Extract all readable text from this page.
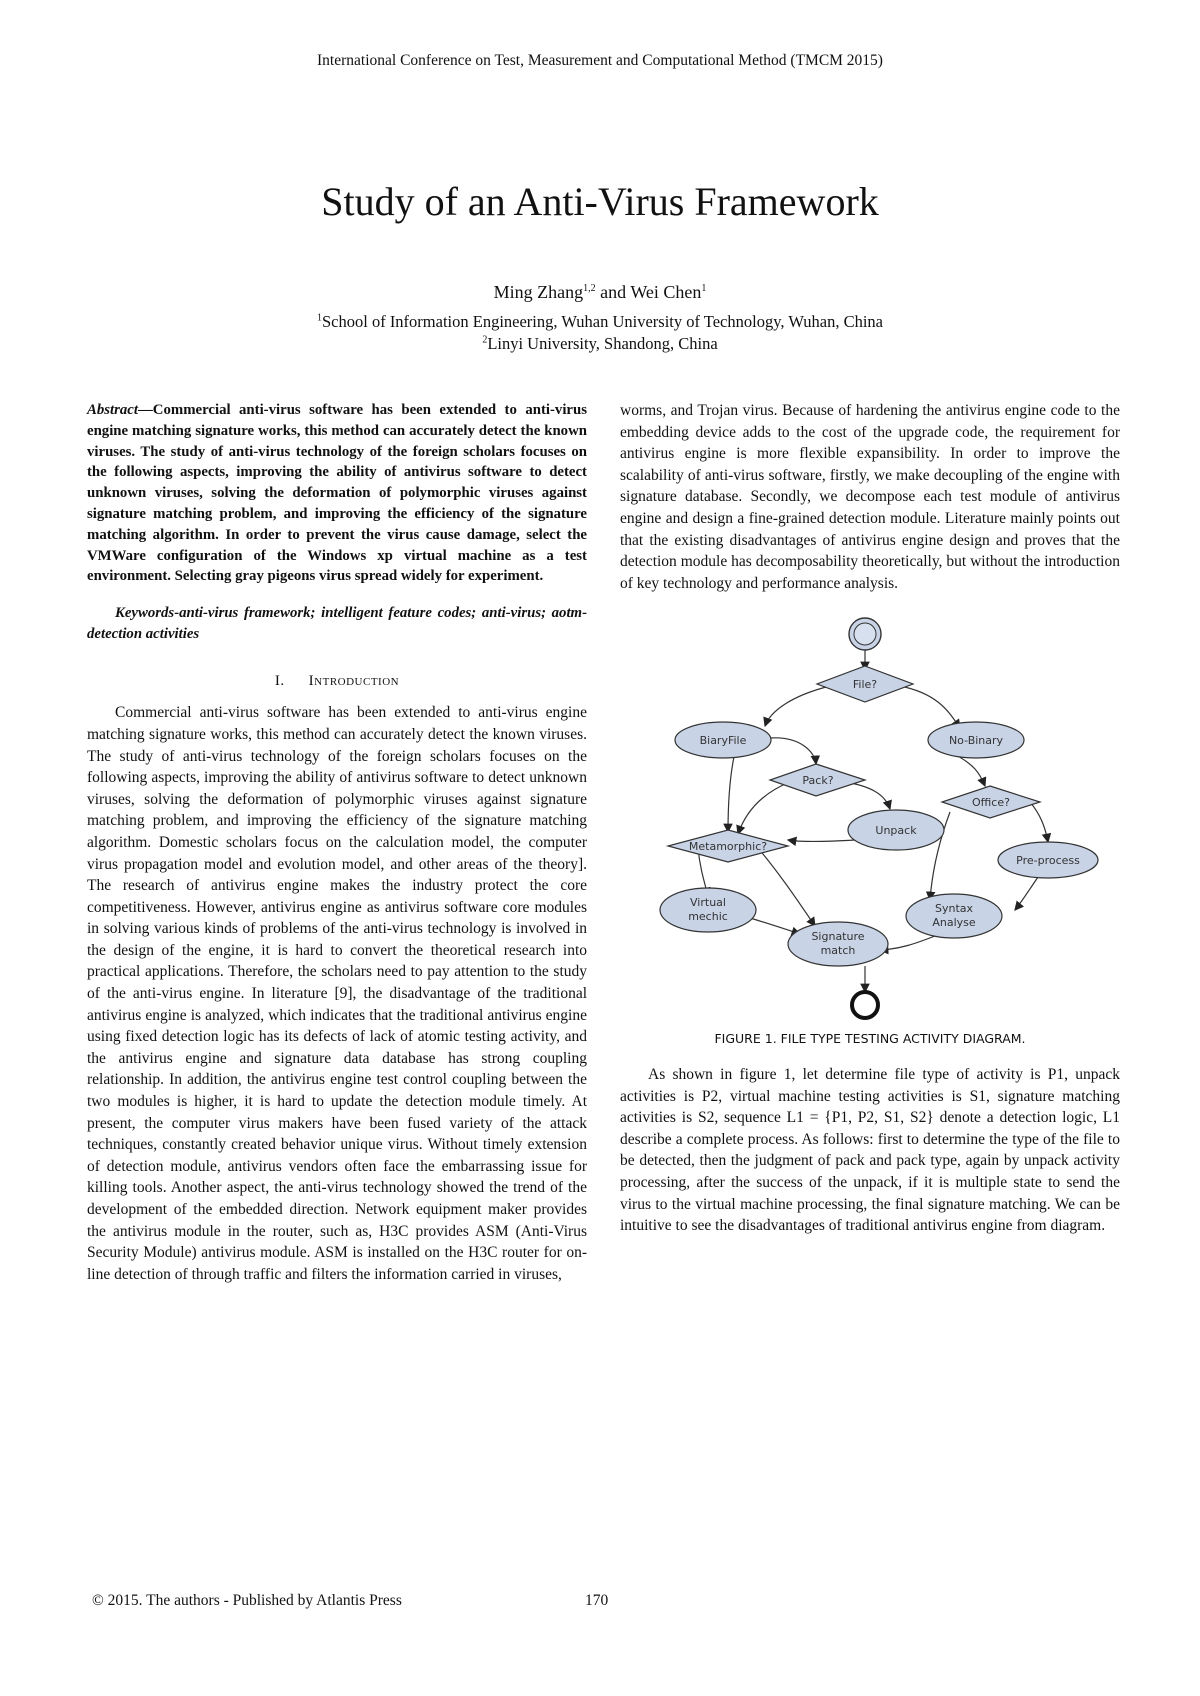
International Conference on Test, Measurement and Computational Method (TMCM 2015)
Study of an Anti-Virus Framework
Ming Zhang$^{1,2}$ and Wei Chen$^1$
$^1$School of Information Engineering, Wuhan University of Technology, Wuhan, China
$^2$Linyi University, Shandong, China

Abstract—Commercial anti-virus software has been extended to anti-virus engine matching signature works, this method can accurately detect the known viruses. The study of anti-virus technology of the foreign scholars focuses on the following aspects, improving the ability of antivirus software to detect unknown viruses, solving the deformation of polymorphic viruses against signature matching problem, and improving the efficiency of the signature matching algorithm. In order to prevent the virus cause damage, select the VMWare configuration of the Windows xp virtual machine as a test environment. Selecting gray pigeons virus spread widely for experiment.

Keywords-anti-virus framework; intelligent feature codes; anti-virus; aotm-detection activities

I. Introduction

Commercial anti-virus software has been extended to anti-virus engine matching signature works, this method can accurately detect the known viruses. The study of anti-virus technology of the foreign scholars focuses on the following aspects, improving the ability of antivirus software to detect unknown viruses, solving the deformation of polymorphic viruses against signature matching problem, and improving the efficiency of the signature matching algorithm. Domestic scholars focus on the calculation model, the computer virus propagation model and evolution model, and other areas of the theory]. The research of antivirus engine makes the industry protect the core competitiveness. However, antivirus engine as antivirus software core modules in solving various kinds of problems of the anti-virus technology is involved in the design of the engine, it is hard to convert the theoretical research into practical applications. Therefore, the scholars need to pay attention to the study of the anti-virus engine. In literature [9], the disadvantage of the traditional antivirus engine is analyzed, which indicates that the traditional antivirus engine using fixed detection logic has its defects of lack of atomic testing activity, and the antivirus engine and signature data database has strong coupling relationship. In addition, the antivirus engine test control coupling between the two modules is higher, it is hard to update the detection module timely. At present, the computer virus makers have been fused variety of the attack techniques, constantly created behavior unique virus. Without timely extension of detection module, antivirus vendors often face the embarrassing issue for killing tools. Another aspect, the anti-virus technology showed the trend of the development of the embedded direction. Network equipment maker provides the antivirus module in the router, such as, H3C provides ASM (Anti-Virus Security Module) antivirus module. ASM is installed on the H3C router for on-line detection of through traffic and filters the information carried in viruses,

worms, and Trojan virus. Because of hardening the antivirus engine code to the embedding device adds to the cost of the upgrade code, the requirement for antivirus engine is more flexible expansibility. In order to improve the scalability of anti-virus software, firstly, we make decoupling of the engine with signature database. Secondly, we decompose each test module of antivirus engine and design a fine-grained detection module. Literature mainly points out that the existing disadvantages of antivirus engine design and proves that the detection module has decomposability theoretically, but without the introduction of key technology and performance analysis.

File?
Pack?
Office?
Metamorphic?
BiaryFile	No-Binary
Unpack
Pre-process
Virtual
mechic
Syntax
Analyse
Signature
match
FIGURE 1. FILE TYPE TESTING ACTIVITY DIAGRAM.

As shown in figure 1, let determine file type of activity is P1, unpack activities is P2, virtual machine testing activities is S1, signature matching activities is S2, sequence L1 = {P1, P2, S1, S2} denote a detection logic, L1 describe a complete process. As follows: first to determine the type of the file to be detected, then the judgment of pack and pack type, again by unpack activity processing, after the success of the unpack, if it is multiple state to send the virus to the virtual machine processing, the final signature matching. We can be intuitive to see the disadvantages of traditional antivirus engine from diagram.

© 2015. The authors - Published by Atlantis Press	170
